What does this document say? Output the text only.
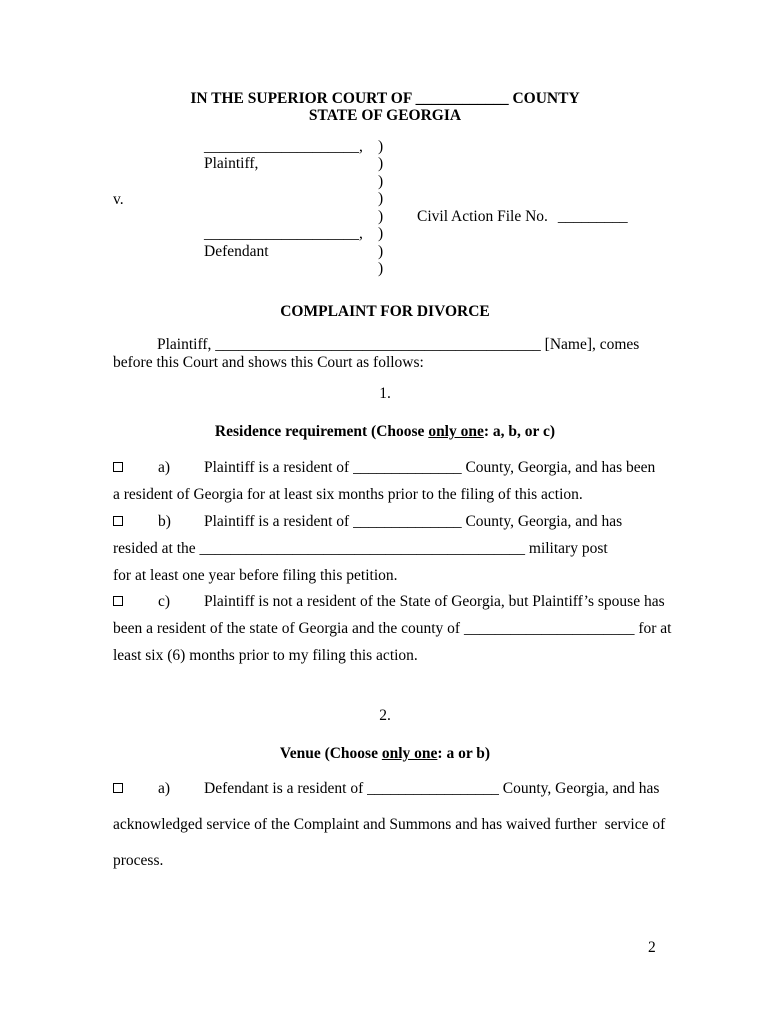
IN THE SUPERIOR COURT OF ____________ COUNTY
STATE OF GEORGIA
____________________,
Plaintiff,
v.
____________________,
Defendant
)
)
)
)
)
)
)
)
Civil Action File No. _________
COMPLAINT FOR DIVORCE
Plaintiff, __________________________________________ [Name], comes
before this Court and shows this Court as follows:
1.
Residence requirement (Choose only one: a, b, or c)
a) Plaintiff is a resident of ______________ County, Georgia, and has been
a resident of Georgia for at least six months prior to the filing of this action.
b) Plaintiff is a resident of ______________ County, Georgia, and has
resided at the __________________________________________ military post
for at least one year before filing this petition.
c) Plaintiff is not a resident of the State of Georgia, but Plaintiff’s spouse has
been a resident of the state of Georgia and the county of ______________________ for at
least six (6) months prior to my filing this action.
2.
Venue (Choose only one: a or b)
a) Defendant is a resident of _________________ County, Georgia, and has
acknowledged service of the Complaint and Summons and has waived further  service of
process.
2
